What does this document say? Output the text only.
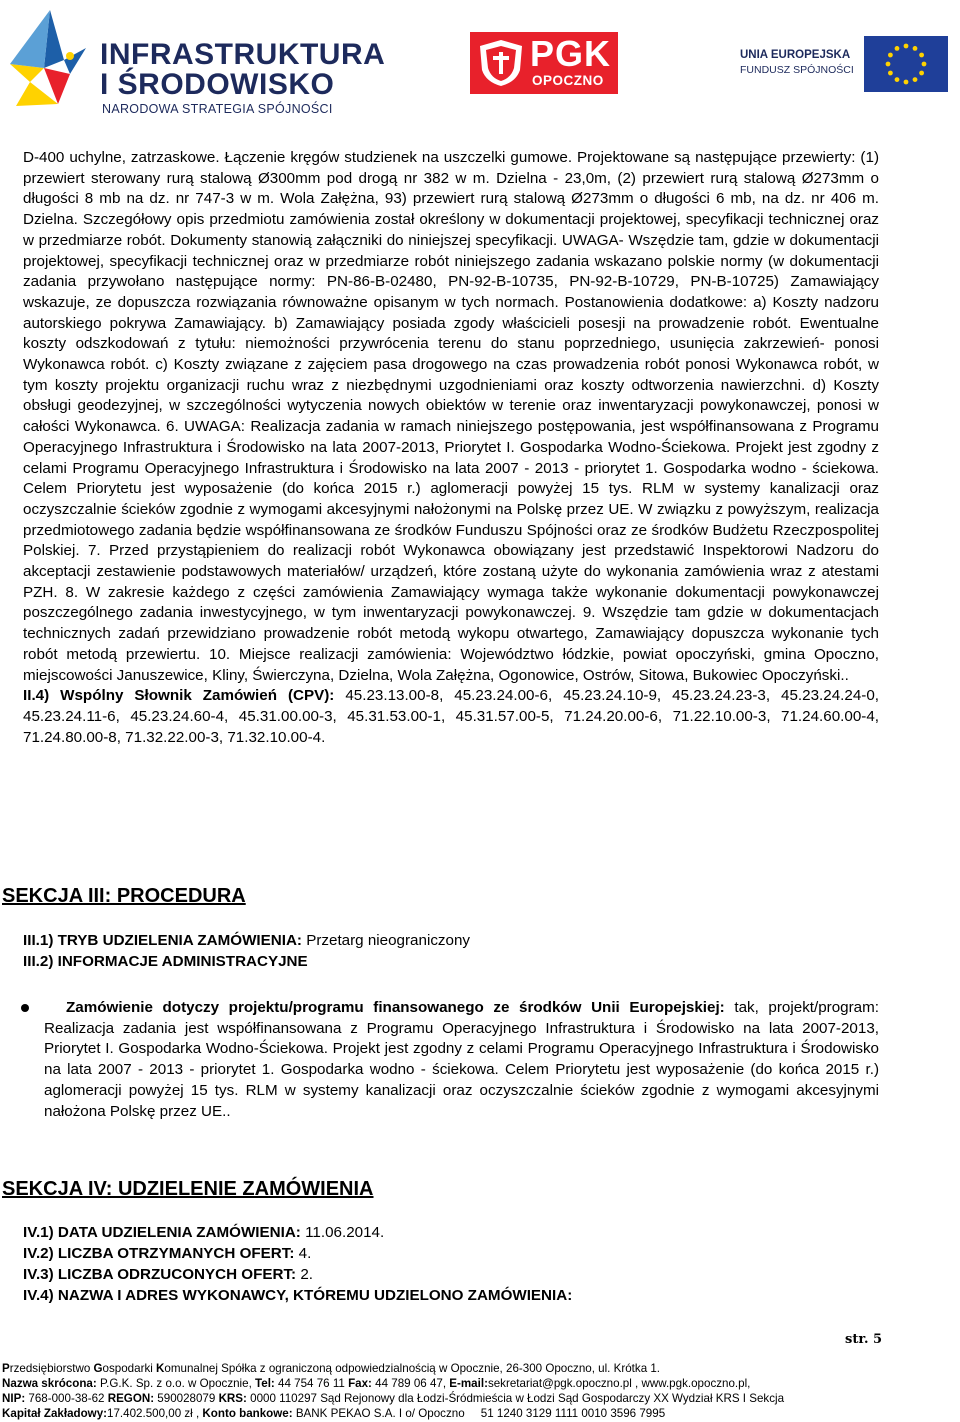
INFRASTRUKTURA
I ŚRODOWISKO
NARODOWA STRATEGIA SPÓJNOŚCI
PGK
OPOCZNO
UNIA EUROPEJSKA
FUNDUSZ SPÓJNOŚCI

D-400 uchylne, zatrzaskowe. Łączenie kręgów studzienek na uszczelki gumowe. Projektowane są następujące przewierty: (1) przewiert sterowany rurą stalową Ø300mm pod drogą nr 382 w m. Dzielna - 23,0m, (2) przewiert rurą stalową Ø273mm o długości 8 mb na dz. nr 747-3 w m. Wola Załężna, 93) przewiert rurą stalową Ø273mm o długości 6 mb, na dz. nr 406 m. Dzielna. Szczegółowy opis przedmiotu zamówienia został określony w dokumentacji projektowej, specyfikacji technicznej oraz w przedmiarze robót. Dokumenty stanowią załączniki do niniejszej specyfikacji. UWAGA- Wszędzie tam, gdzie w dokumentacji projektowej, specyfikacji technicznej oraz w przedmiarze robót niniejszego zadania wskazano polskie normy (w dokumentacji zadania przywołano następujące normy: PN-86-B-02480, PN-92-B-10735, PN-92-B-10729, PN-B-10725) Zamawiający wskazuje, ze dopuszcza rozwiązania równoważne opisanym w tych normach. Postanowienia dodatkowe: a) Koszty nadzoru autorskiego pokrywa Zamawiający. b) Zamawiający posiada zgody właścicieli posesji na prowadzenie robót. Ewentualne koszty odszkodowań z tytułu: niemożności przywrócenia terenu do stanu poprzedniego, usunięcia zakrzewień- ponosi Wykonawca robót. c) Koszty związane z zajęciem pasa drogowego na czas prowadzenia robót ponosi Wykonawca robót, w tym koszty projektu organizacji ruchu wraz z niezbędnymi uzgodnieniami oraz koszty odtworzenia nawierzchni. d) Koszty obsługi geodezyjnej, w szczególności wytyczenia nowych obiektów w terenie oraz inwentaryzacji powykonawczej, ponosi w całości Wykonawca. 6. UWAGA: Realizacja zadania w ramach niniejszego postępowania, jest współfinansowana z Programu Operacyjnego Infrastruktura i Środowisko na lata 2007-2013, Priorytet I. Gospodarka Wodno-Ściekowa. Projekt jest zgodny z celami Programu Operacyjnego Infrastruktura i Środowisko na lata 2007 - 2013 - priorytet 1. Gospodarka wodno - ściekowa. Celem Priorytetu jest wyposażenie (do końca 2015 r.) aglomeracji powyżej 15 tys. RLM w systemy kanalizacji oraz oczyszczalnie ścieków zgodnie z wymogami akcesyjnymi nałożonymi na Polskę przez UE. W związku z powyższym, realizacja przedmiotowego zadania będzie współfinansowana ze środków Funduszu Spójności oraz ze środków Budżetu Rzeczpospolitej Polskiej. 7. Przed przystąpieniem do realizacji robót Wykonawca obowiązany jest przedstawić Inspektorowi Nadzoru do akceptacji zestawienie podstawowych materiałów/ urządzeń, które zostaną użyte do wykonania zamówienia wraz z atestami PZH. 8. W zakresie każdego z części zamówienia Zamawiający wymaga także wykonanie dokumentacji powykonawczej poszczególnego zadania inwestycyjnego, w tym inwentaryzacji powykonawczej. 9. Wszędzie tam gdzie w dokumentacjach technicznych zadań przewidziano prowadzenie robót metodą wykopu otwartego, Zamawiający dopuszcza wykonanie tych robót metodą przewiertu. 10. Miejsce realizacji zamówienia: Województwo łódzkie, powiat opoczyński, gmina Opoczno, miejscowości Januszewice, Kliny, Świerczyna, Dzielna, Wola Załężna, Ogonowice, Ostrów, Sitowa, Bukowiec Opoczyński..

II.4) Wspólny Słownik Zamówień (CPV): 45.23.13.00-8, 45.23.24.00-6, 45.23.24.10-9, 45.23.24.23-3, 45.23.24.24-0, 45.23.24.11-6, 45.23.24.60-4, 45.31.00.00-3, 45.31.53.00-1, 45.31.57.00-5, 71.24.20.00-6, 71.22.10.00-3, 71.24.60.00-4, 71.24.80.00-8, 71.32.22.00-3, 71.32.10.00-4.

SEKCJA III: PROCEDURA
III.1) TRYB UDZIELENIA ZAMÓWIENIA: Przetarg nieograniczony
III.2) INFORMACJE ADMINISTRACYJNE

Zamówienie dotyczy projektu/programu finansowanego ze środków Unii Europejskiej: tak, projekt/program: Realizacja zadania jest współfinansowana z Programu Operacyjnego Infrastruktura i Środowisko na lata 2007-2013, Priorytet I. Gospodarka Wodno-Ściekowa. Projekt jest zgodny z celami Programu Operacyjnego Infrastruktura i Środowisko na lata 2007 - 2013 - priorytet 1. Gospodarka wodno - ściekowa. Celem Priorytetu jest wyposażenie (do końca 2015 r.) aglomeracji powyżej 15 tys. RLM w systemy kanalizacji oraz oczyszczalnie ścieków zgodnie z wymogami akcesyjnymi nałożona Polskę przez UE..

SEKCJA IV: UDZIELENIE ZAMÓWIENIA
IV.1) DATA UDZIELENIA ZAMÓWIENIA: 11.06.2014.
IV.2) LICZBA OTRZYMANYCH OFERT: 4.
IV.3) LICZBA ODRZUCONYCH OFERT: 2.
IV.4) NAZWA I ADRES WYKONAWCY, KTÓREMU UDZIELONO ZAMÓWIENIA:
str. 5
Przedsiębiorstwo Gospodarki Komunalnej Spółka z ograniczoną odpowiedzialnością w Opocznie, 26-300 Opoczno, ul. Krótka 1.
Nazwa skrócona: P.G.K. Sp. z o.o. w Opocznie, Tel: 44 754 76 11 Fax: 44 789 06 47, E-mail:sekretariat@pgk.opoczno.pl , www.pgk.opoczno.pl,
NIP: 768-000-38-62 REGON: 590028079 KRS: 0000 110297 Sąd Rejonowy dla Łodzi-Śródmieścia w Łodzi Sąd Gospodarczy XX Wydział KRS I Sekcja
Kapitał Zakładowy:17.402.500,00 zł , Konto bankowe: BANK PEKAO S.A. I o/ Opoczno     51 1240 3129 1111 0010 3596 7995
